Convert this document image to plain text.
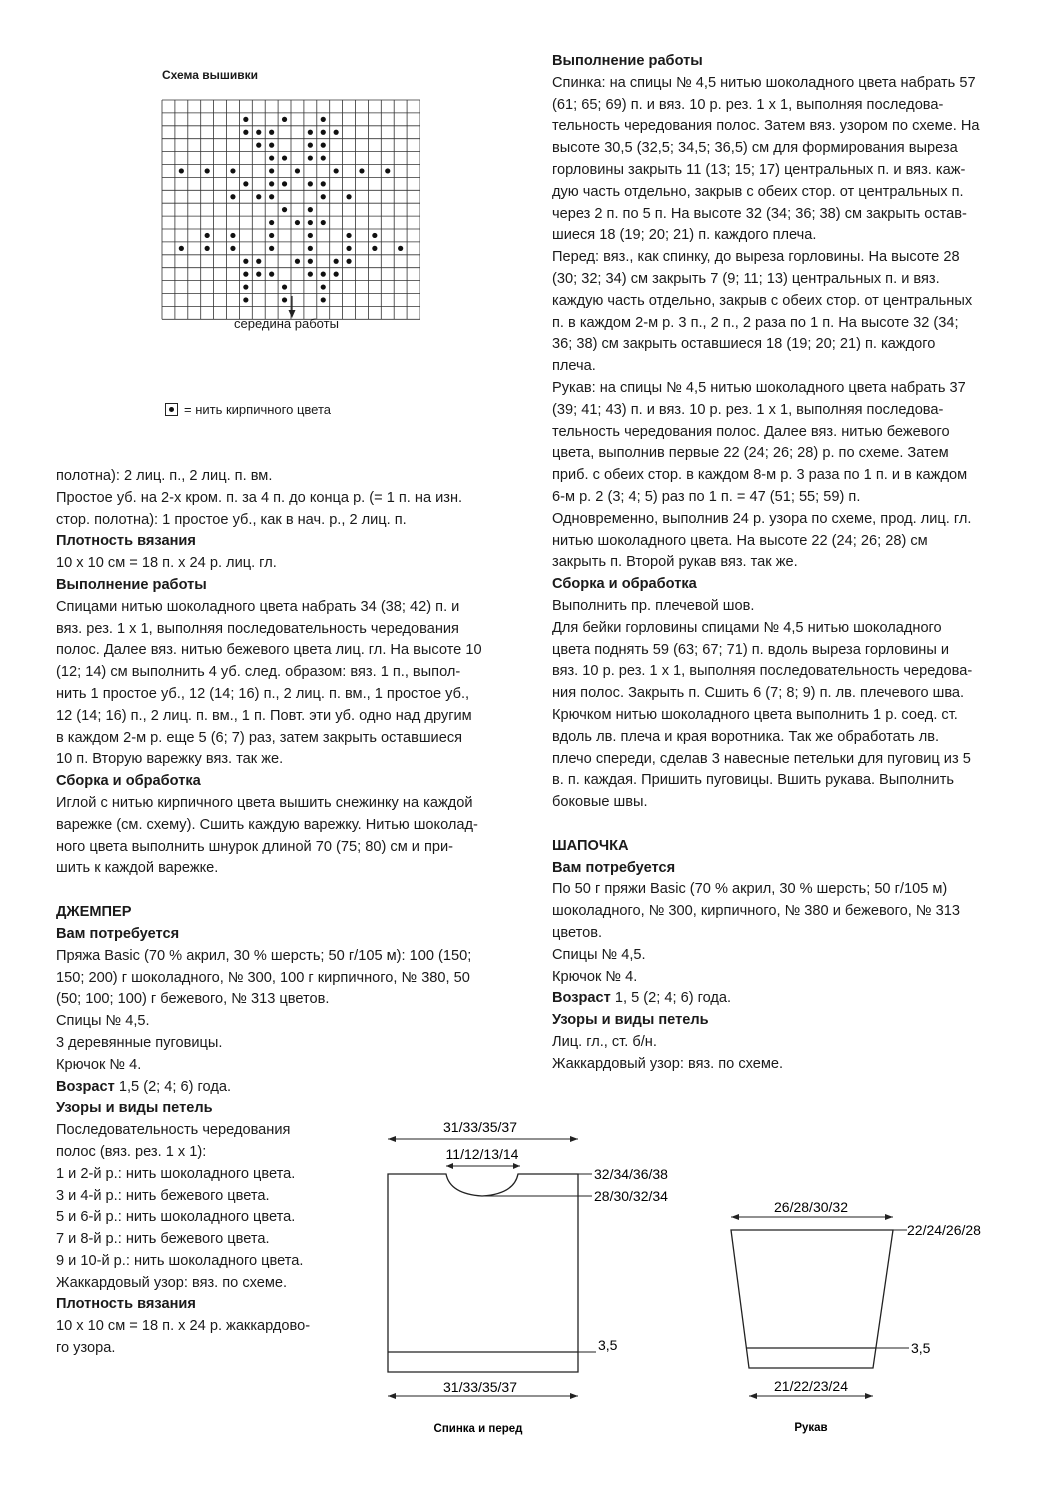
Схема вышивки
середина работы
= нить кирпичного цвета

полотна): 2 лиц. п., 2 лиц. п. вм.

Простое уб. на 2-х кром. п. за 4 п. до конца р. (= 1 п. на изн.

стор. полотна): 1 простое уб., как в нач. р., 2 лиц. п.

Плотность вязания

10 х 10 см = 18 п. х 24 р. лиц. гл.

Выполнение работы

Спицами нитью шоколадного цвета набрать 34 (38; 42) п. и

вяз. рез. 1 х 1, выполняя последовательность чередования

полос. Далее вяз. нитью бежевого цвета лиц. гл. На высоте 10

(12; 14) см выполнить 4 уб. след. образом: вяз. 1 п., выпол-

нить 1 простое уб., 12 (14; 16) п., 2 лиц. п. вм., 1 простое уб.,

12 (14; 16) п., 2 лиц. п. вм., 1 п. Повт. эти уб. одно над другим

в каждом 2-м р. еще 5 (6; 7) раз, затем закрыть оставшиеся

10 п. Вторую варежку вяз. так же.

Сборка и обработка

Иглой с нитью кирпичного цвета вышить снежинку на каждой

варежке (см. схему). Сшить каждую варежку. Нитью шоколад-

ного цвета выполнить шнурок длиной 70 (75; 80) см и при-

шить к каждой варежке.

ДЖЕМПЕР

Вам потребуется

Пряжа Basic (70 % акрил, 30 % шерсть; 50 г/105 м): 100 (150;

150; 200) г шоколадного, № 300, 100 г кирпичного, № 380, 50

(50; 100; 100) г бежевого, № 313 цветов.

Спицы № 4,5.

3 деревянные пуговицы.

Крючок № 4.

Возраст 1,5 (2; 4; 6) года.

Узоры и виды петель

Последовательность чередования

полос (вяз. рез. 1 х 1):

1 и 2-й р.: нить шоколадного цвета.

3 и 4-й р.: нить бежевого цвета.

5 и 6-й р.: нить шоколадного цвета.

7 и 8-й р.: нить бежевого цвета.

9 и 10-й р.: нить шоколадного цвета.

Жаккардовый узор: вяз. по схеме.

Плотность вязания

10 х 10 см = 18 п. х 24 р. жаккардово-

го узора.

Выполнение работы

Спинка: на спицы № 4,5 нитью шоколадного цвета набрать 57

(61; 65; 69) п. и вяз. 10 р. рез. 1 х 1, выполняя последова-

тельность чередования полос. Затем вяз. узором по схеме. На

высоте 30,5 (32,5; 34,5; 36,5) см для формирования выреза

горловины закрыть 11 (13; 15; 17) центральных п. и вяз. каж-

дую часть отдельно, закрыв с обеих стор. от центральных п.

через 2 п. по 5 п. На высоте 32 (34; 36; 38) см закрыть остав-

шиеся 18 (19; 20; 21) п. каждого плеча.

Перед: вяз., как спинку, до выреза горловины. На высоте 28

(30; 32; 34) см закрыть 7 (9; 11; 13) центральных п. и вяз.

каждую часть отдельно, закрыв с обеих стор. от центральных

п. в каждом 2-м р. 3 п., 2 п., 2 раза по 1 п. На высоте 32 (34;

36; 38) см закрыть оставшиеся 18 (19; 20; 21) п. каждого

плеча.

Рукав: на спицы № 4,5 нитью шоколадного цвета набрать 37

(39; 41; 43) п. и вяз. 10 р. рез. 1 х 1, выполняя последова-

тельность чередования полос. Далее вяз. нитью бежевого

цвета, выполнив первые 22 (24; 26; 28) р. по схеме. Затем

приб. с обеих стор. в каждом 8-м р. 3 раза по 1 п. и в каждом

6-м р. 2 (3; 4; 5) раз по 1 п. = 47 (51; 55; 59) п.

Одновременно, выполнив 24 р. узора по схеме, прод. лиц. гл.

нитью шоколадного цвета. На высоте 22 (24; 26; 28) см

закрыть п. Второй рукав вяз. так же.

Сборка и обработка

Выполнить пр. плечевой шов.

Для бейки горловины спицами № 4,5 нитью шоколадного

цвета поднять 59 (63; 67; 71) п. вдоль выреза горловины и

вяз. 10 р. рез. 1 х 1, выполняя последовательность чередова-

ния полос. Закрыть п. Сшить 6 (7; 8; 9) п. лв. плечевого шва.

Крючком нитью шоколадного цвета выполнить 1 р. соед. ст.

вдоль лв. плеча и края воротника. Так же обработать лв.

плечо спереди, сделав 3 навесные петельки для пуговиц из 5

в. п. каждая. Пришить пуговицы. Вшить рукава. Выполнить

боковые швы.

ШАПОЧКА

Вам потребуется

По 50 г пряжи Basic (70 % акрил, 30 % шерсть; 50 г/105 м)

шоколадного, № 300, кирпичного, № 380 и бежевого, № 313

цветов.

Спицы № 4,5.

Крючок № 4.

Возраст 1, 5 (2; 4; 6) года.

Узоры и виды петель

Лиц. гл., ст. б/н.

Жаккардовый узор: вяз. по схеме.

31/33/35/37
11/12/13/14
32/34/36/38
28/30/32/34
3,5
31/33/35/37
Спинка и перед
26/28/30/32
22/24/26/28
3,5
21/22/23/24
Рукав
